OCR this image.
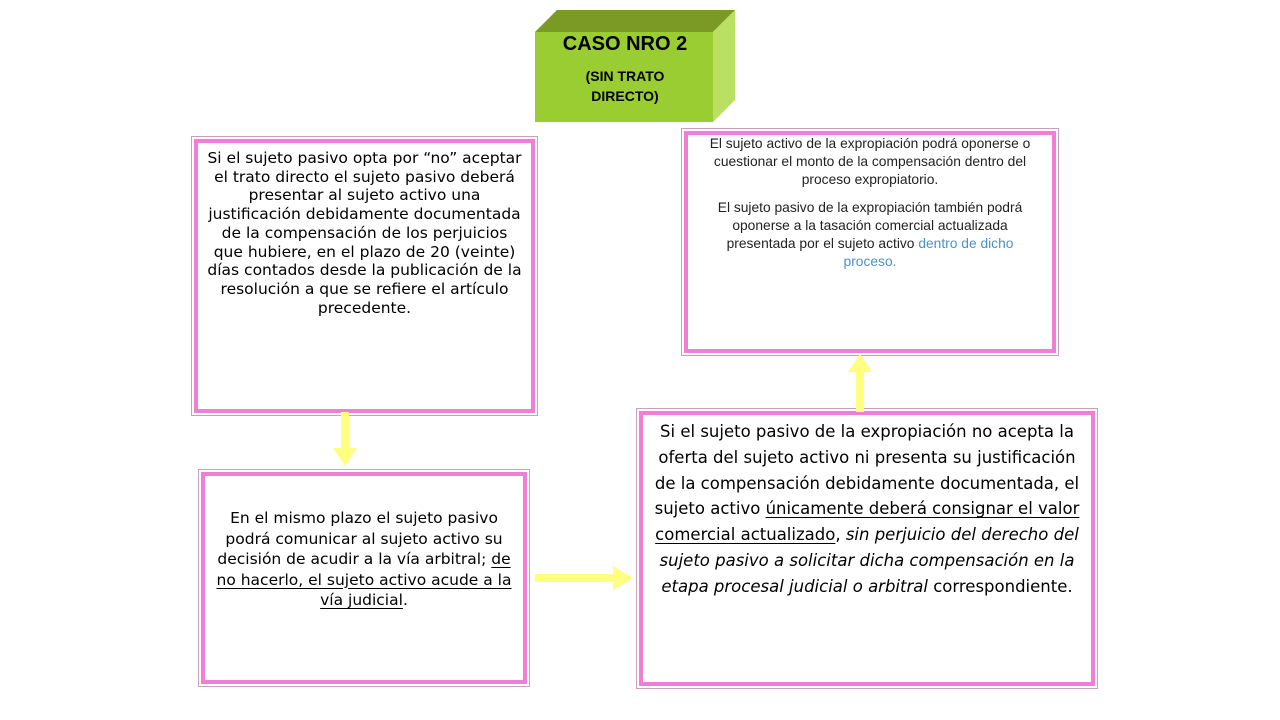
CASO NRO 2
(SIN TRATO
DIRECTO)
Si el sujeto pasivo opta por “no” aceptar el trato directo el sujeto pasivo deberá presentar al sujeto activo una justificación debidamente documentada de la compensación de los perjuicios que hubiere, en el plazo de 20 (veinte) días contados desde la publicación de la resolución a que se refiere el artículo precedente.
En el mismo plazo el sujeto pasivo podrá comunicar al sujeto activo su decisión de acudir a la vía arbitral; de no hacerlo, el sujeto activo acude a la vía judicial.
Si el sujeto pasivo de la expropiación no acepta la oferta del sujeto activo ni presenta su justificación de la compensación debidamente documentada, el sujeto activo únicamente deberá consignar el valor comercial actualizado, sin perjuicio del derecho del sujeto pasivo a solicitar dicha compensación en la etapa procesal judicial o arbitral correspondiente.

El sujeto activo de la expropiación podrá oponerse o cuestionar el monto de la compensación dentro del proceso expropiatorio.

El sujeto pasivo de la expropiación también podrá oponerse a la tasación comercial actualizada presentada por el sujeto activo dentro de dicho proceso.
